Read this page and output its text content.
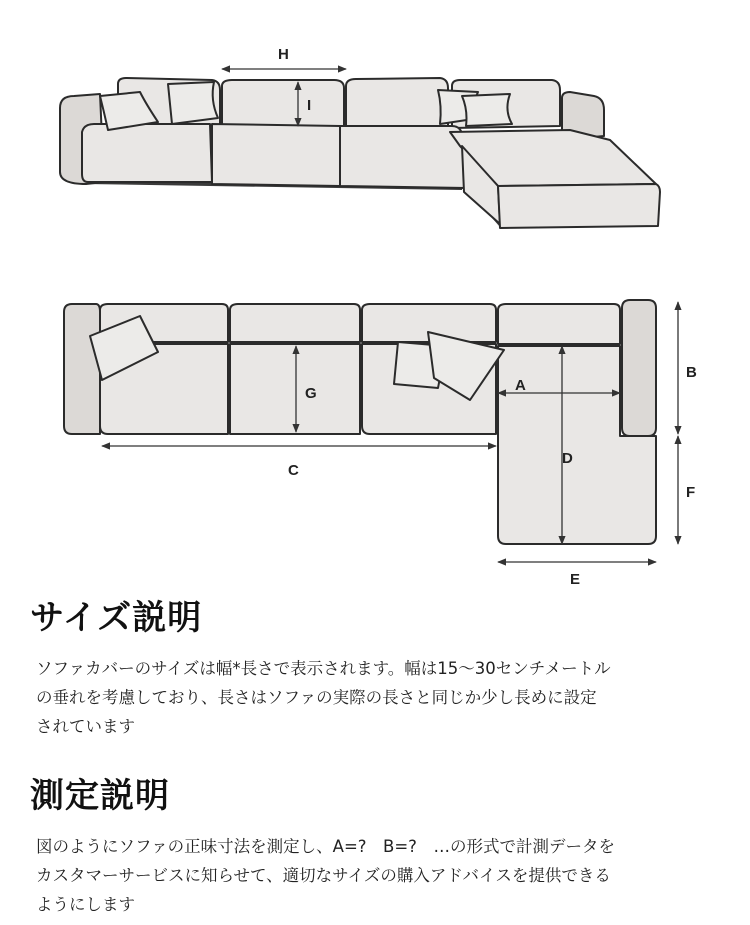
H
I
G
C
A
D
B
F
E
サイズ説明

ソファカバーのサイズは幅*長さで表示されます。幅は15～30センチメートル
の垂れを考慮しており、長さはソファの実際の長さと同じか少し長めに設定
されています

測定説明

図のようにソファの正味寸法を測定し、A=?　B=?　…の形式で計測データを
カスタマーサービスに知らせて、適切なサイズの購入アドバイスを提供できる
ようにします
